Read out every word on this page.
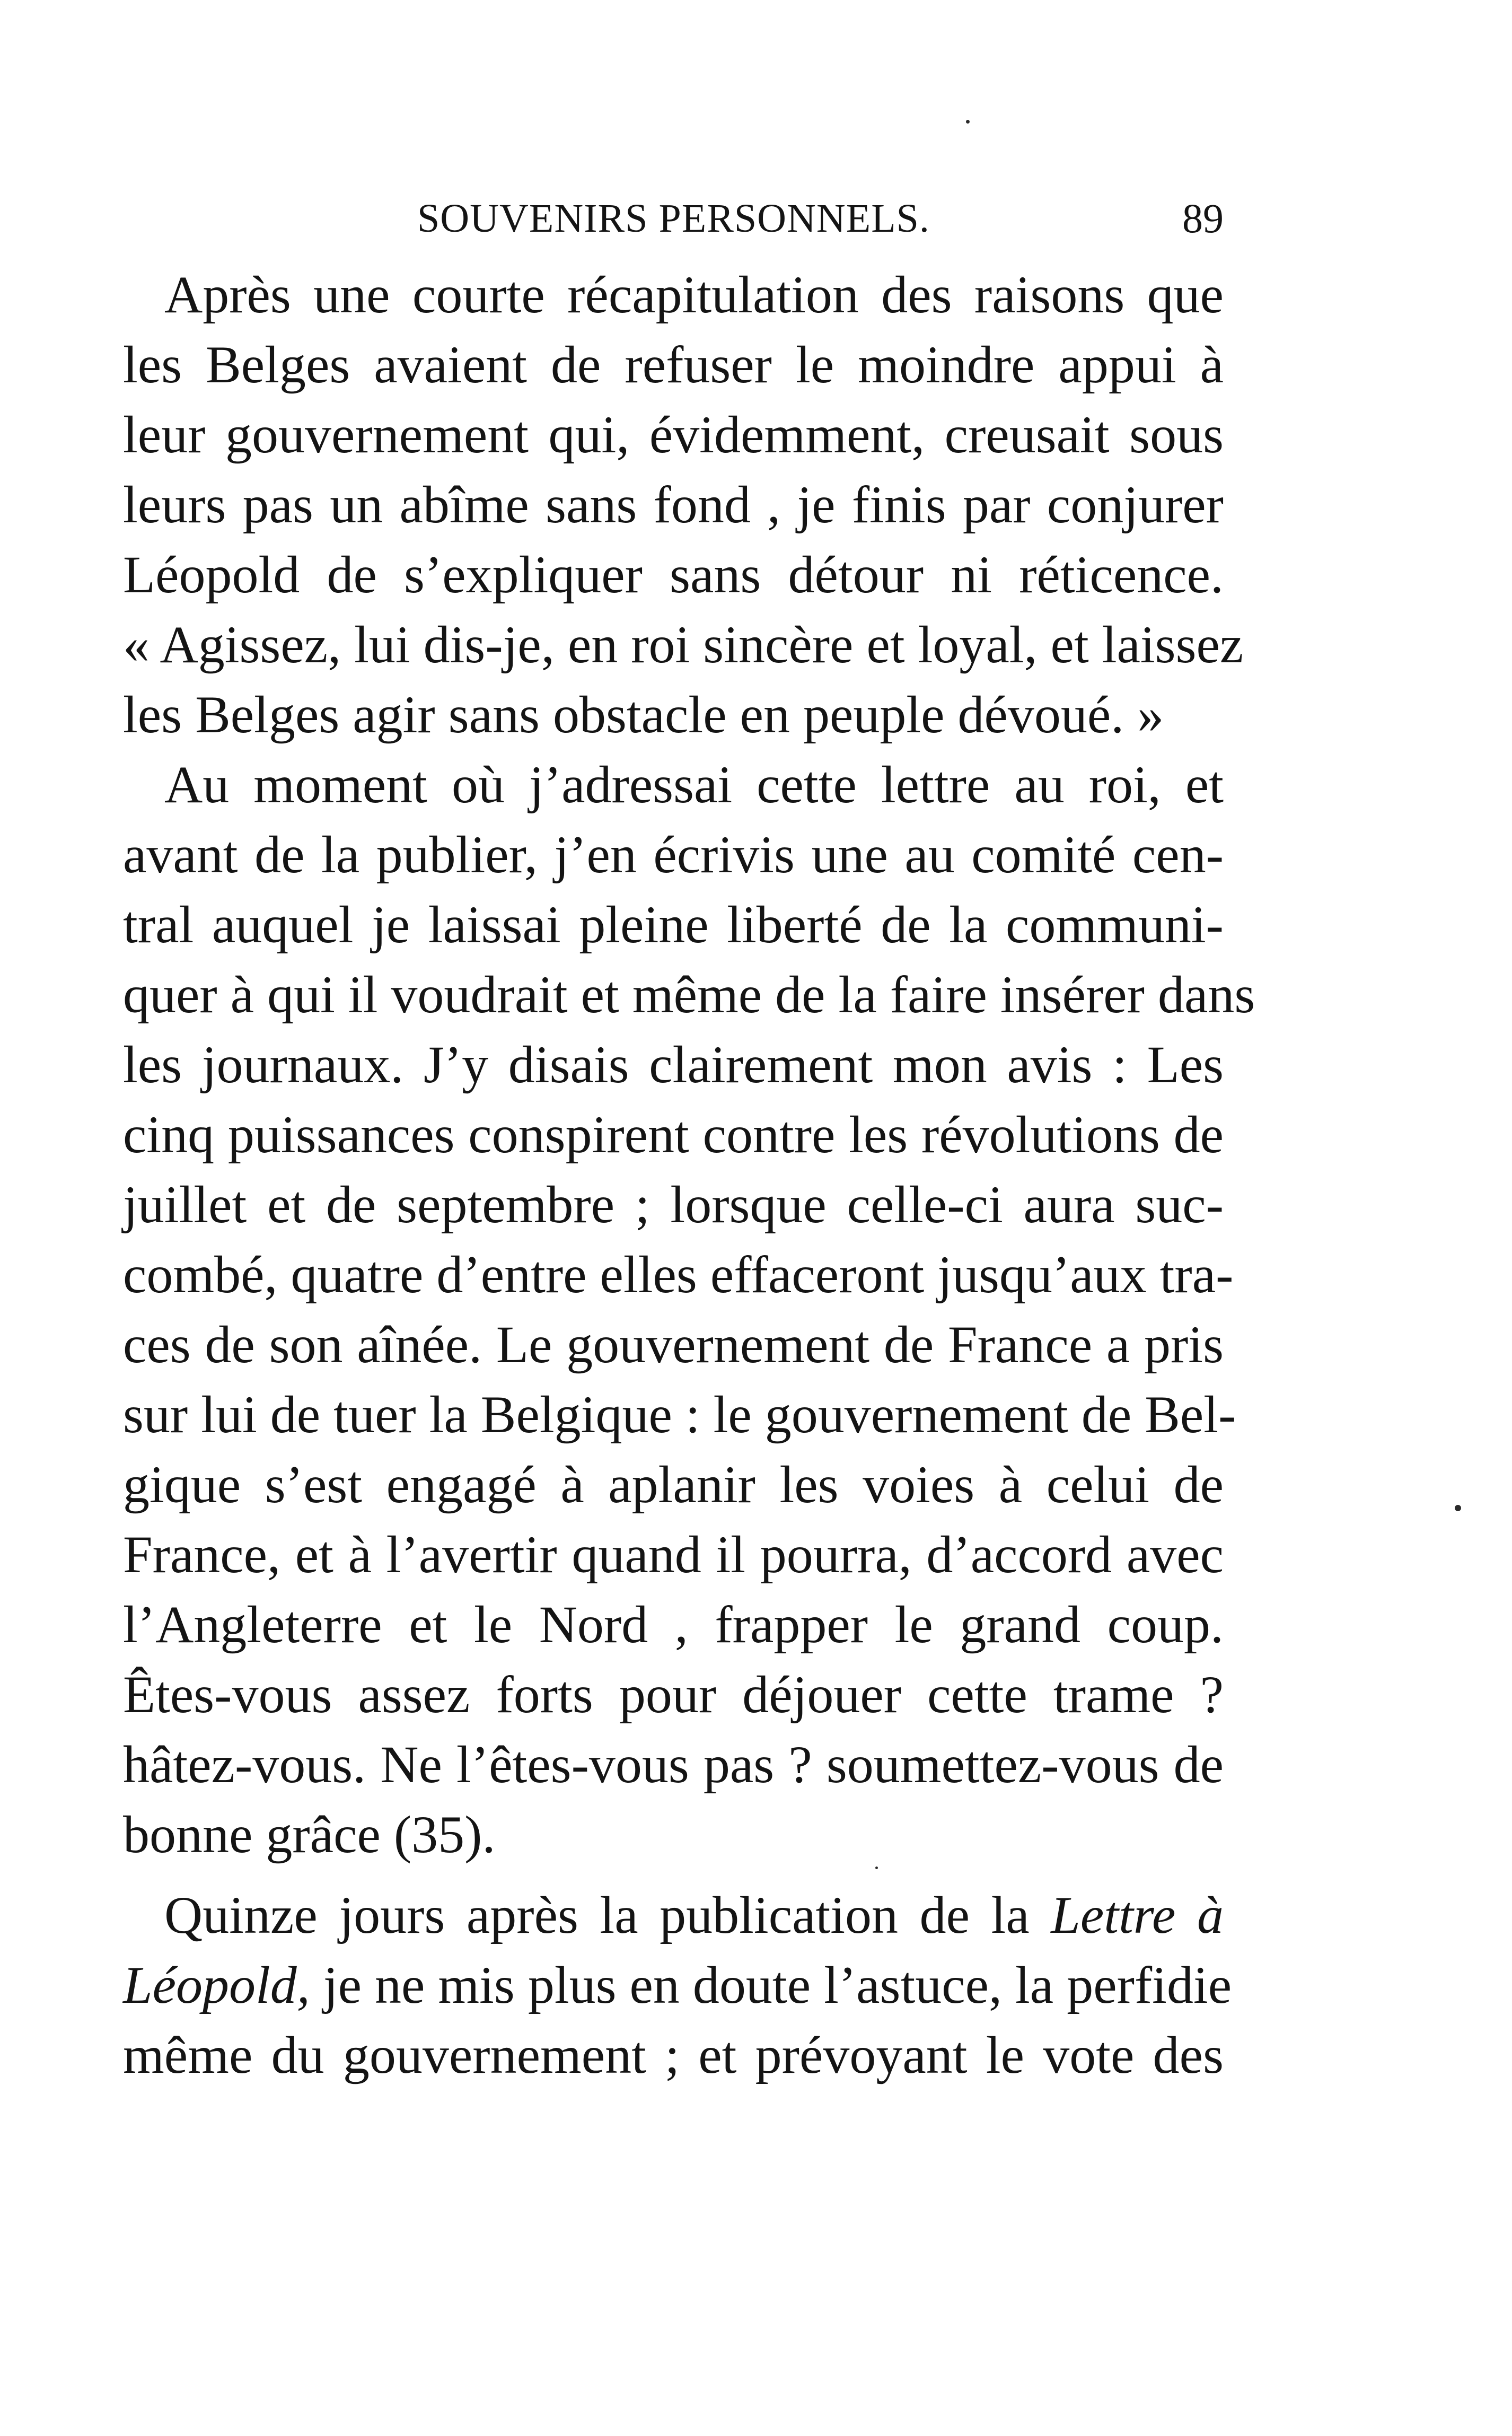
SOUVENIRS PERSONNELS.	89
Après une courte récapitulation des raisons que
les Belges avaient de refuser le moindre appui à
leur gouvernement qui, évidemment, creusait sous
leurs pas un abîme sans fond , je finis par conjurer
Léopold de s’expliquer sans détour ni réticence.
« Agissez, lui dis-je, en roi sincère et loyal, et laissez
les Belges agir sans obstacle en peuple dévoué. »
Au moment où j’adressai cette lettre au roi, et
avant de la publier, j’en écrivis une au comité cen-
tral auquel je laissai pleine liberté de la communi-
quer à qui il voudrait et même de la faire insérer dans
les journaux. J’y disais clairement mon avis : Les
cinq puissances conspirent contre les révolutions de
juillet et de septembre ; lorsque celle-ci aura suc-
combé, quatre d’entre elles effaceront jusqu’aux tra-
ces de son aînée. Le gouvernement de France a pris
sur lui de tuer la Belgique : le gouvernement de Bel-
gique s’est engagé à aplanir les voies à celui de
France, et à l’avertir quand il pourra, d’accord avec
l’Angleterre et le Nord , frapper le grand coup.
Êtes-vous assez forts pour déjouer cette trame ?
hâtez-vous. Ne l’êtes-vous pas ? soumettez-vous de
bonne grâce (35).
Quinze jours après la publication de la Lettre à
Léopold, je ne mis plus en doute l’astuce, la perfidie
même du gouvernement ; et prévoyant le vote des
